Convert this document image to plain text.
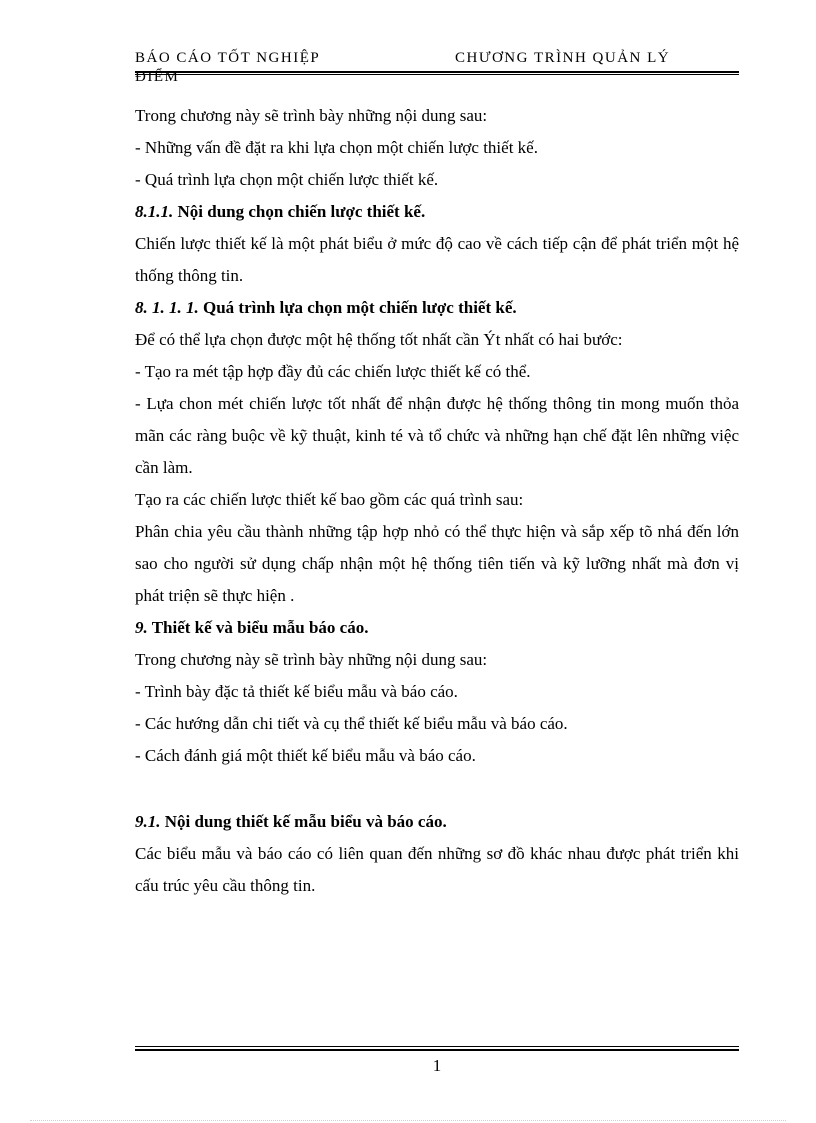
BÁO CÁO TỐT NGHIỆP
ĐIỂM
CHƯƠNG TRÌNH QUẢN LÝ

Trong chương này sẽ trình bày những nội dung sau:

- Những vấn đề đặt ra khi lựa chọn một chiến lược thiết kế.

- Quá trình lựa chọn một chiến lược thiết kế.

8.1.1. Nội dung chọn chiến lược thiết kế.

Chiến lược thiết kế là một phát biểu ở mức độ cao về cách tiếp cận để phát triển một hệ thống thông tin.

8. 1. 1. 1. Quá trình lựa chọn một chiến lược thiết kế.

Để có thể lựa chọn được một hệ thống tốt nhất cần Ýt nhất có hai bước:

- Tạo ra mét tập hợp đầy đủ các chiến lược thiết kế có thể.

- Lựa chon mét chiến lược tốt nhất để nhận được hệ thống thông tin mong muốn thỏa mãn các ràng buộc về kỹ thuật, kinh té và tổ chức và những hạn chế đặt lên những việc cần làm.

Tạo ra các chiến lược thiết kế bao gồm các quá trình sau:

Phân chia yêu cầu thành những tập hợp nhỏ có thể thực hiện và sắp xếp tõ nhá đến lớn sao cho người sử dụng chấp nhận một hệ thống tiên tiến và kỹ lưỡng nhất mà đơn vị phát triện sẽ thực hiện .

9. Thiết kế và biểu mẫu báo cáo.

Trong chương này sẽ trình bày những nội dung sau:

- Trình bày đặc tả thiết kế biểu mẫu và báo cáo.

- Các hướng dẫn chi tiết và cụ thể thiết kế biểu mẫu và báo cáo.

- Cách đánh giá một thiết kế biểu mẫu và báo cáo.

9.1. Nội dung thiết kế mẫu biểu và báo cáo.

Các biểu mẫu và báo cáo có liên quan đến những sơ đồ khác nhau được phát triển khi cấu trúc yêu cầu thông tin.

1
